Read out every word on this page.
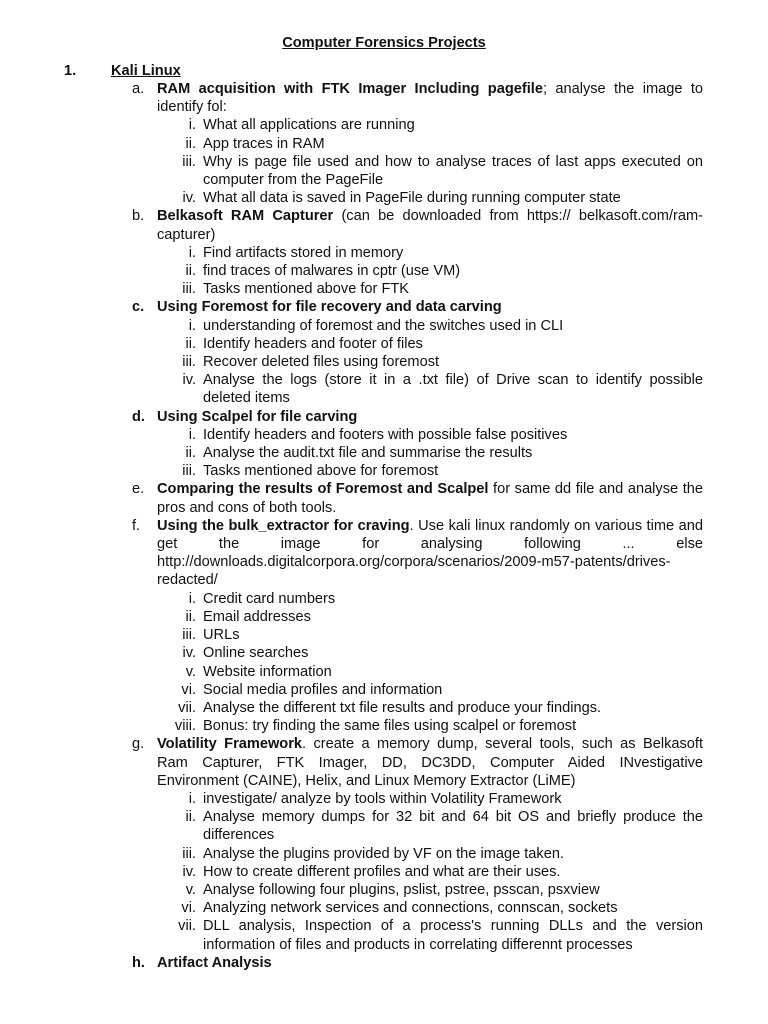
Computer Forensics Projects
1. Kali Linux
a. RAM acquisition with FTK Imager Including pagefile; analyse the image to identify fol:
i. What all applications are running
ii. App traces in RAM
iii. Why is page file used and how to analyse traces of last apps executed on computer from the PageFile
iv. What all data is saved in PageFile during running computer state
b. Belkasoft RAM Capturer (can be downloaded from https:// belkasoft.com/ram-capturer)
i. Find artifacts stored in memory
ii. find traces of malwares in cptr (use VM)
iii. Tasks mentioned above for FTK
c. Using Foremost for file recovery and data carving
i. understanding of foremost and the switches used in CLI
ii. Identify headers and footer of files
iii. Recover deleted files using foremost
iv. Analyse the logs (store it in a .txt file) of Drive scan to identify possible deleted items
d. Using Scalpel for file carving
i. Identify headers and footers with possible false positives
ii. Analyse the audit.txt file and summarise the results
iii. Tasks mentioned above for foremost
e. Comparing the results of Foremost and Scalpel for same dd file and analyse the pros and cons of both tools.
f.	Using the bulk_extractor for craving. Use kali linux randomly on various time and get the image for analysing following ... else http://downloads.digitalcorpora.org/corpora/scenarios/2009-m57-patents/drives-redacted/
i. Credit card numbers
ii. Email addresses
iii. URLs
iv. Online searches
v. Website information
vi. Social media profiles and information
vii. Analyse the different txt file results and produce your findings.
viii. Bonus: try finding the same files using scalpel or foremost
g. Volatility Framework. create a memory dump, several tools, such as Belkasoft Ram Capturer, FTK Imager, DD, DC3DD, Computer Aided INvestigative Environment (CAINE), Helix, and Linux Memory Extractor (LiME)
i. investigate/ analyze by tools within Volatility Framework
ii. Analyse memory dumps for 32 bit and 64 bit OS and briefly produce the differences
iii. Analyse the plugins provided by VF on the image taken.
iv. How to create different profiles and what are their uses.
v. Analyse following four plugins, pslist, pstree, psscan, psxview
vi. Analyzing network services and connections, connscan, sockets
vii. DLL analysis, Inspection of a process's running DLLs and the version information of files and products in correlating differennt processes
h. Artifact Analysis
